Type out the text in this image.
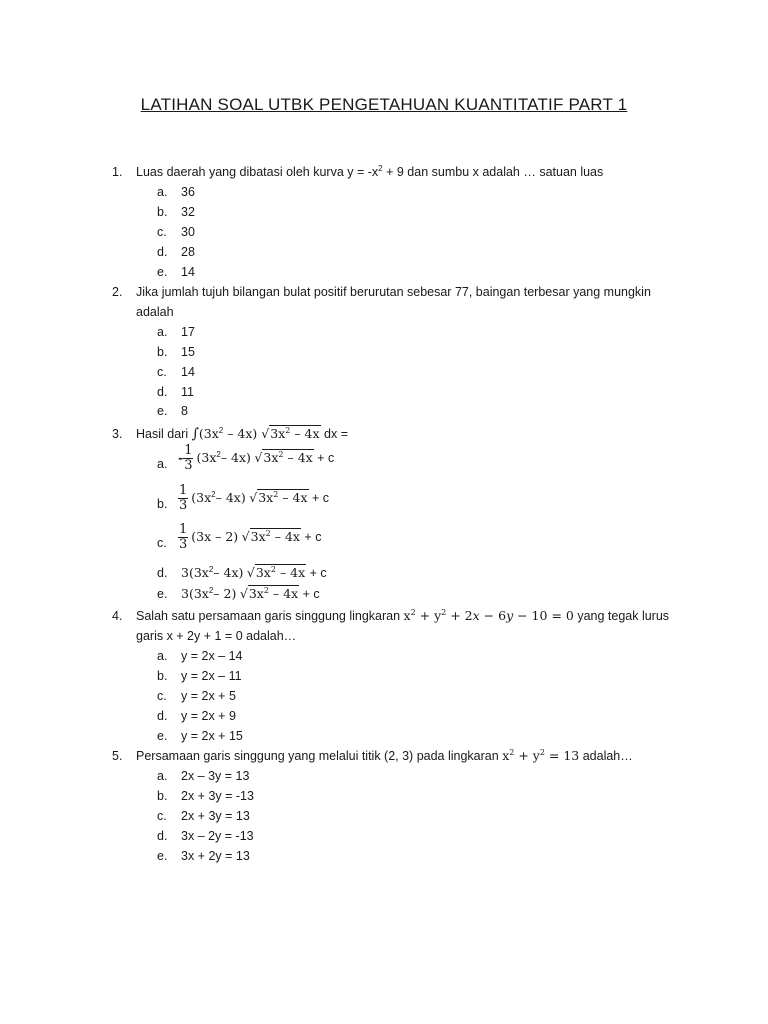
LATIHAN SOAL UTBK PENGETAHUAN KUANTITATIF PART 1
1. Luas daerah yang dibatasi oleh kurva $y = -x^2 + 9$ dan sumbu x adalah … satuan luas
a. 36
b. 32
c. 30
d. 28
e. 14
2. Jika jumlah tujuh bilangan bulat positif berurutan sebesar 77, baingan terbesar yang mungkin
adalah
a. 17
b. 15
c. 14
d. 11
e. 8
3. Hasil dari $\int(3x^2 - 4x)$ $√3x^2 - 4x$ dx =
a. - $\frac{1}{3} (3x^2-$ 4x) $√3x^2 - 4x + c$
b. $\frac{1}{3} (3x^2-$ 4x) $√3x^2 - 4x + c$
c. $\frac{1}{3} (3x - 2)$ $√3x^2 - 4x + c$
d. $3(3x^2-$ 4x) $√3x^2 - 4x + c$
e. $3(3x^2-$ 2) $√3x^2 - 4x + c$
4. Salah satu persamaan garis singgung lingkaran $x^2 + y^2 + 2x - 6y - 10 = 0$ yang tegak lurus
garis x + 2y + 1 = 0 adalah…
a. y = 2x – 14
b. y = 2x – 11
c. y = 2x + 5
d. y = 2x + 9
e. y = 2x + 15
5. Persamaan garis singgung yang melalui titik (2, 3) pada lingkaran $x^2 + y^2 = 13$ adalah…
a. 2x – 3y = 13
b. 2x + 3y = -13
c. 2x + 3y = 13
d. 3x – 2y = -13
e. 3x + 2y = 13
